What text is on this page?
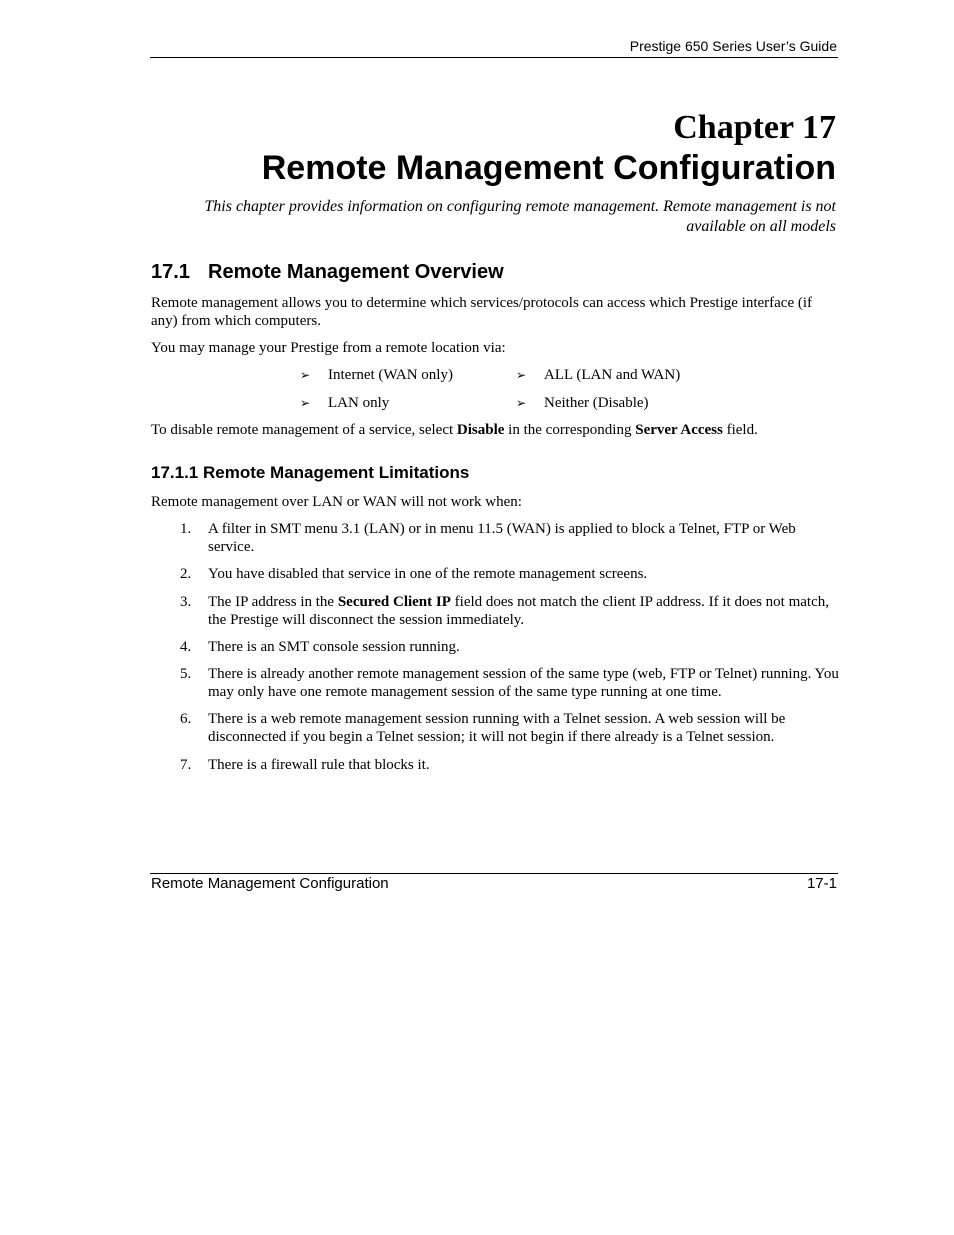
Prestige 650 Series User’s Guide
Chapter 17
Remote Management Configuration
This chapter provides information on configuring remote management. Remote management is not
available on all models
17.1 Remote Management Overview
Remote management allows you to determine which services/protocols can access which Prestige interface (if any) from which computers.
You may manage your Prestige from a remote location via:
➢ Internet (WAN only)	➢ ALL (LAN and WAN)
➢ LAN only	➢ Neither (Disable)
To disable remote management of a service, select Disable in the corresponding Server Access field.
17.1.1 Remote Management Limitations
Remote management over LAN or WAN will not work when:
1.	A filter in SMT menu 3.1 (LAN) or in menu 11.5 (WAN) is applied to block a Telnet, FTP or Web service.
2.	You have disabled that service in one of the remote management screens.
3.	The IP address in the Secured Client IP field does not match the client IP address. If it does not match, the Prestige will disconnect the session immediately.
4.	There is an SMT console session running.
5.	There is already another remote management session of the same type (web, FTP or Telnet) running. You may only have one remote management session of the same type running at one time.
6.	There is a web remote management session running with a Telnet session. A web session will be disconnected if you begin a Telnet session; it will not begin if there already is a Telnet session.
7.	There is a firewall rule that blocks it.
Remote Management Configuration	17-1
